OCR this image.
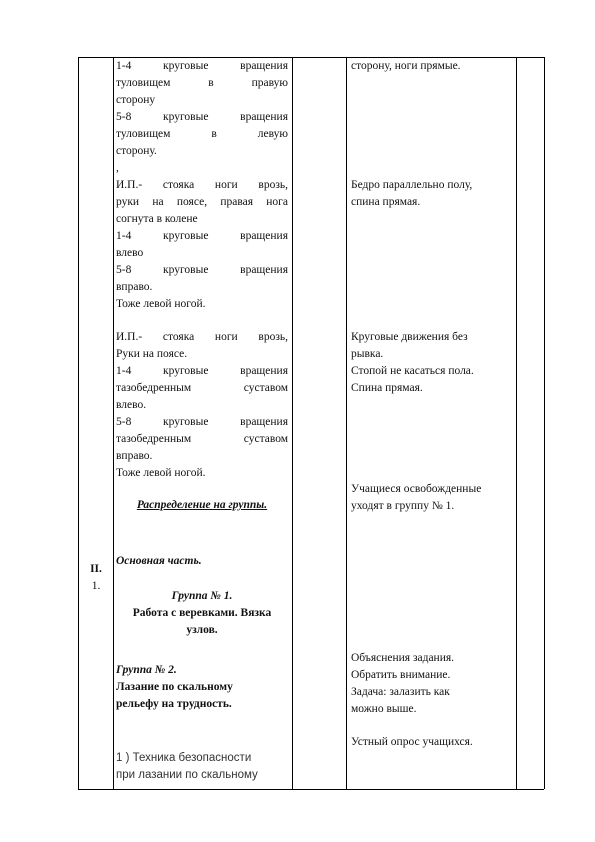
II.
1.
1-4 круговые вращения
туловищем в правую
сторону
5-8 круговые вращения
туловищем в левую
сторону.
,
И.П.- стояка ноги врозь,
руки на поясе, правая нога
согнута в колене
1-4 круговые вращения
влево
5-8 круговые вращения
вправо.
Тоже левой ногой.
И.П.- стояка ноги врозь,
Руки на поясе.
1-4 круговые вращения
тазобедренным суставом
влево.
5-8 круговые вращения
тазобедренным суставом
вправо.
Тоже левой ногой.
Распределение на группы.
Основная часть.
Группа № 1.
Работа с веревками. Вязка
узлов.
Группа № 2.
Лазание по скальному
рельефу на трудность.
1 ) Техника безопасности
при лазании по скальному
сторону, ноги прямые.
Бедро параллельно полу,
спина прямая.
Круговые движения без
рывка.
Стопой не касаться пола.
Спина прямая.
Учащиеся освобожденные
уходят в группу № 1.
Объяснения задания.
Обратить внимание.
Задача: залазить как
можно выше.
Устный опрос учащихся.
